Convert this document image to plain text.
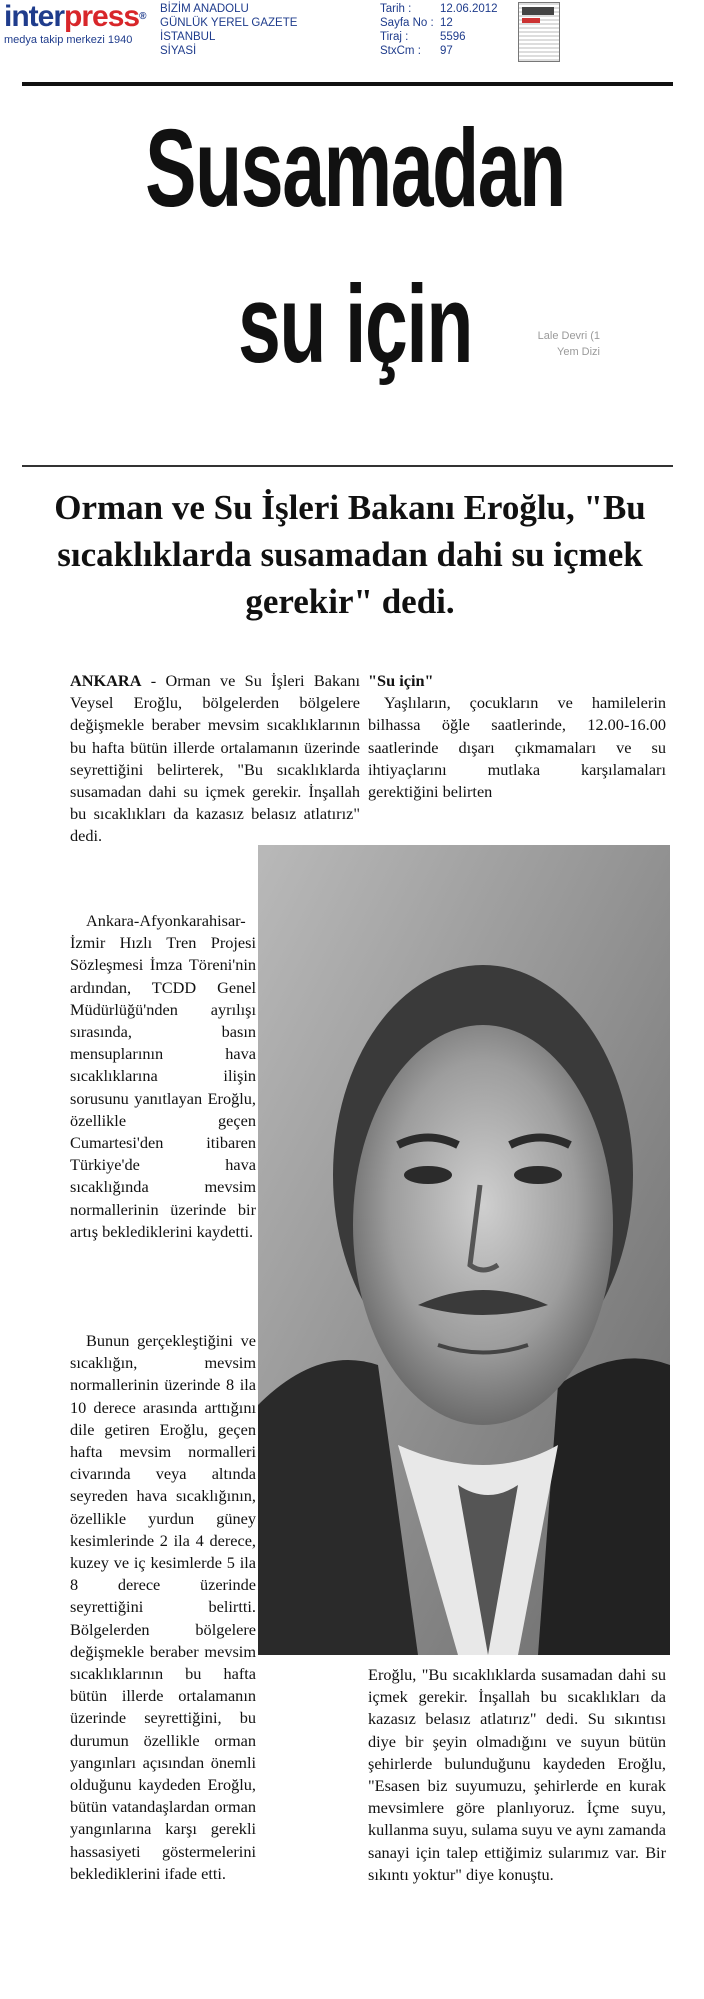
interpress®
medya takip merkezi 1940
BİZİM ANADOLU
GÜNLÜK YEREL GAZETE
İSTANBUL
SİYASİ
Tarih :	12.06.2012
Sayfa No : 12
Tiraj :	5596
StxCm :	97
Susamadan
su için	Lale Devri (1
Yem Dizi
Orman ve Su İşleri Bakanı Eroğlu, "Bu sıcaklıklarda susamadan dahi su içmek gerekir" dedi.

ANKARA - Orman ve Su İşleri Bakanı Veysel Eroğlu, bölgelerden bölgelere değişmekle beraber mevsim sıcaklıklarının bu hafta bütün illerde ortalamanın üzerinde seyrettiğini belirterek, "Bu sıcaklıklarda susamadan dahi su içmek gerekir. İnşallah bu sıcaklıkları da kazasız belasız atlatırız" dedi.

Ankara-Afyonkarahisar-İzmir Hızlı Tren Projesi Sözleşmesi İmza Töreni'nin ardından, TCDD Genel Müdürlüğü'nden ayrılışı sırasında, basın mensuplarının hava sıcaklıklarına ilişin sorusunu yanıtlayan Eroğlu, özellikle geçen Cumartesi'den itibaren Türkiye'de hava sıcaklığında mevsim normallerinin üzerinde bir artış beklediklerini kaydetti.

Bunun gerçekleştiğini ve sıcaklığın, mevsim normallerinin üzerinde 8 ila 10 derece arasında arttığını dile getiren Eroğlu, geçen hafta mevsim normalleri civarında veya altında seyreden hava sıcaklığının, özellikle yurdun güney kesimlerinde 2 ila 4 derece, kuzey ve iç kesimlerde 5 ila 8 derece üzerinde seyrettiğini belirtti. Bölgelerden bölgelere değişmekle beraber mevsim sıcaklıklarının bu hafta bütün illerde ortalamanın üzerinde seyrettiğini, bu durumun özellikle orman yangınları açısından önemli olduğunu kaydeden Eroğlu, bütün vatandaşlardan orman yangınlarına karşı gerekli hassasiyeti göstermelerini beklediklerini ifade etti.

"Su için"

Yaşlıların, çocukların ve hamilelerin bilhassa öğle saatlerinde, 12.00-16.00 saatlerinde dışarı çıkmamaları ve su ihtiyaçlarını mutlaka karşılamaları gerektiğini belirten

Eroğlu, "Bu sıcaklıklarda susamadan dahi su içmek gerekir. İnşallah bu sıcaklıkları da kazasız belasız atlatırız" dedi. Su sıkıntısı diye bir şeyin olmadığını ve suyun bütün şehirlerde bulunduğunu kaydeden Eroğlu, "Esasen biz suyumuzu, şehirlerde en kurak mevsimlere göre planlıyoruz. İçme suyu, kullanma suyu, sulama suyu ve aynı zamanda sanayi için talep ettiğimiz sularımız var. Bir sıkıntı yoktur" diye konuştu.
